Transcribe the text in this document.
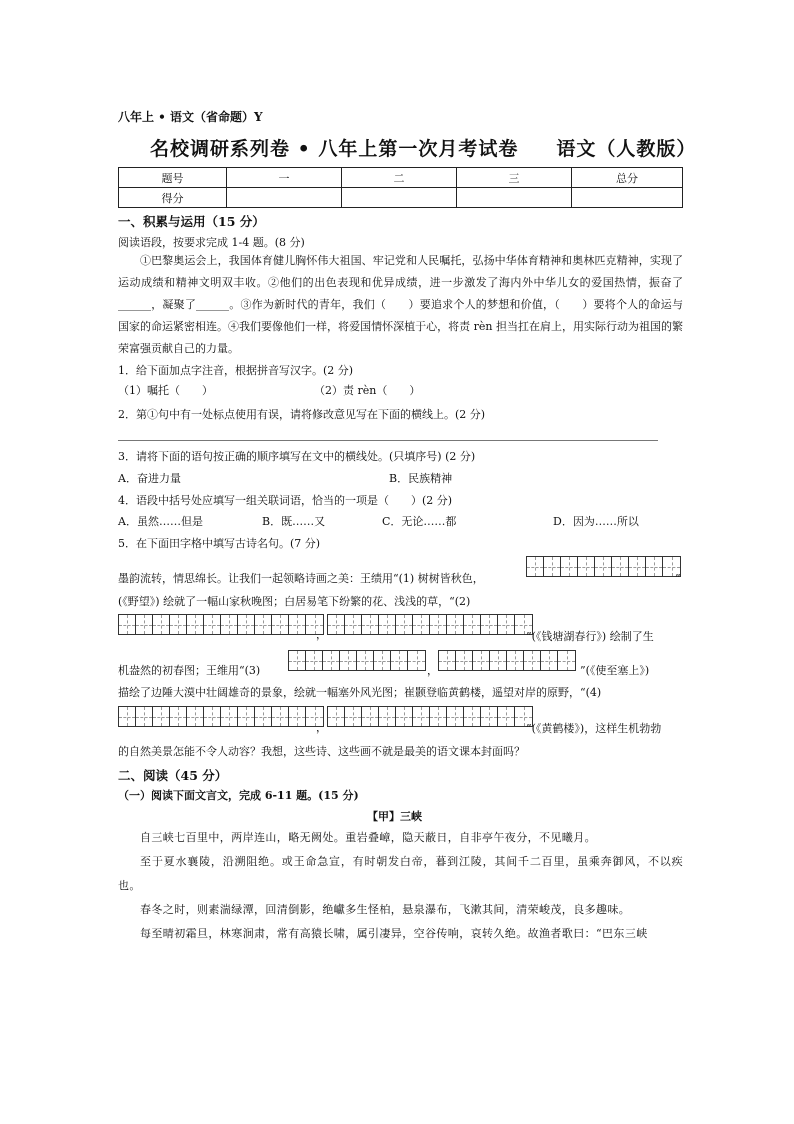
八年上 • 语文（省命题）Y
名校调研系列卷 • 八年上第一次月考试卷 语文（人教版）
题号	一	二	三	总分
得分				
一、积累与运用（15 分）
阅读语段，按要求完成 1-4 题。(8 分)
①巴黎奥运会上，我国体育健儿胸怀伟大祖国、牢记党和人民嘱托，弘扬中华体育精神和奥林匹克精神，实现了运动成绩和精神文明双丰收。②他们的出色表现和优异成绩，进一步激发了海内外中华儿女的爱国热情，振奋了______，凝聚了______。③作为新时代的青年，我们（　　）要追求个人的梦想和价值，（　　）要将个人的命运与国家的命运紧密相连。④我们要像他们一样，将爱国情怀深植于心，将责 rèn 担当扛在肩上，用实际行动为祖国的繁荣富强贡献自己的力量。
1．给下面加点字注音，根据拼音写汉字。(2 分)
（1）嘱托（　　）	（2）责 rèn（　　）
2．第①句中有一处标点使用有误，请将修改意见写在下面的横线上。(2 分)
3．请将下面的语句按正确的顺序填写在文中的横线处。(只填序号) (2 分)
A．奋进力量	B．民族精神
4．语段中括号处应填写一组关联词语，恰当的一项是（　　）(2 分)
A．虽然……但是	B．既……又	C．无论……都	D．因为……所以
5．在下面田字格中填写古诗名句。(7 分)
墨韵流转，情思绵长。让我们一起领略诗画之美：王绩用“(1) 树树皆秋色，	”
(《野望》) 绘就了一幅山家秋晚图；白居易笔下纷繁的花、浅浅的草，“(2)
，	”(《钱塘湖春行》) 绘制了生
机盎然的初春图；王维用“(3)	，	”(《使至塞上》)
描绘了边陲大漠中壮阔雄奇的景象，绘就一幅塞外风光图；崔颢登临黄鹤楼，遥望对岸的原野，“(4)
，	”(《黄鹤楼》)，这样生机勃勃
的自然美景怎能不令人动容？我想，这些诗、这些画不就是最美的语文课本封面吗？
二、阅读（45 分）
（一）阅读下面文言文，完成 6-11 题。(15 分)
【甲】三峡
自三峡七百里中，两岸连山，略无阙处。重岩叠嶂，隐天蔽日，自非亭午夜分，不见曦月。
至于夏水襄陵，沿溯阻绝。或王命急宣，有时朝发白帝，暮到江陵，其间千二百里，虽乘奔御风，不以疾也。
春冬之时，则素湍绿潭，回清倒影，绝巘多生怪柏，悬泉瀑布，飞漱其间，清荣峻茂，良多趣味。
每至晴初霜旦，林寒涧肃，常有高猿长啸，属引凄异，空谷传响，哀转久绝。故渔者歌曰：“巴东三峡
